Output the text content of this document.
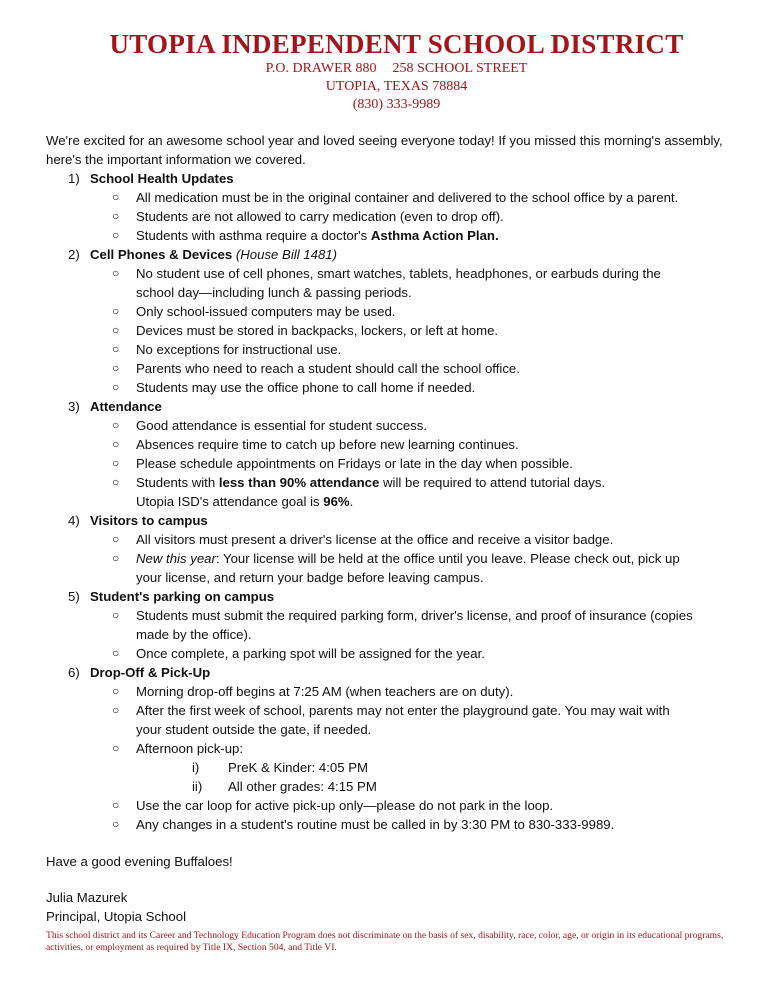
UTOPIA INDEPENDENT SCHOOL DISTRICT
P.O. DRAWER 880 258 SCHOOL STREET
UTOPIA, TEXAS 78884
(830) 333-9989

We're excited for an awesome school year and loved seeing everyone today! If you missed this morning's assembly, here's the important information we covered.

1) School Health Updates
○ All medication must be in the original container and delivered to the school office by a parent.
○ Students are not allowed to carry medication (even to drop off).
○ Students with asthma require a doctor's Asthma Action Plan.
2) Cell Phones & Devices (House Bill 1481)
○ No student use of cell phones, smart watches, tablets, headphones, or earbuds during the
school day—including lunch & passing periods.
○ Only school-issued computers may be used.
○ Devices must be stored in backpacks, lockers, or left at home.
○ No exceptions for instructional use.
○ Parents who need to reach a student should call the school office.
○ Students may use the office phone to call home if needed.
3) Attendance
○ Good attendance is essential for student success.
○ Absences require time to catch up before new learning continues.
○ Please schedule appointments on Fridays or late in the day when possible.
○ Students with less than 90% attendance will be required to attend tutorial days.
Utopia ISD's attendance goal is 96%.
4) Visitors to campus
○ All visitors must present a driver's license at the office and receive a visitor badge.
○ New this year: Your license will be held at the office until you leave. Please check out, pick up
your license, and return your badge before leaving campus.
5) Student's parking on campus
○ Students must submit the required parking form, driver's license, and proof of insurance (copies
made by the office).
○ Once complete, a parking spot will be assigned for the year.
6) Drop-Off & Pick-Up
○ Morning drop-off begins at 7:25 AM (when teachers are on duty).
○ After the first week of school, parents may not enter the playground gate. You may wait with
your student outside the gate, if needed.
○ Afternoon pick-up:
i) PreK & Kinder: 4:05 PM
ii) All other grades: 4:15 PM
○ Use the car loop for active pick-up only—please do not park in the loop.
○ Any changes in a student's routine must be called in by 3:30 PM to 830-333-9989.
Have a good evening Buffaloes!
Julia Mazurek
Principal, Utopia School
This school district and its Career and Technology Education Program does not discriminate on the basis of sex, disability, race, color, age, or origin in its educational programs, activities, or employment as required by Title IX, Section 504, and Title VI.
